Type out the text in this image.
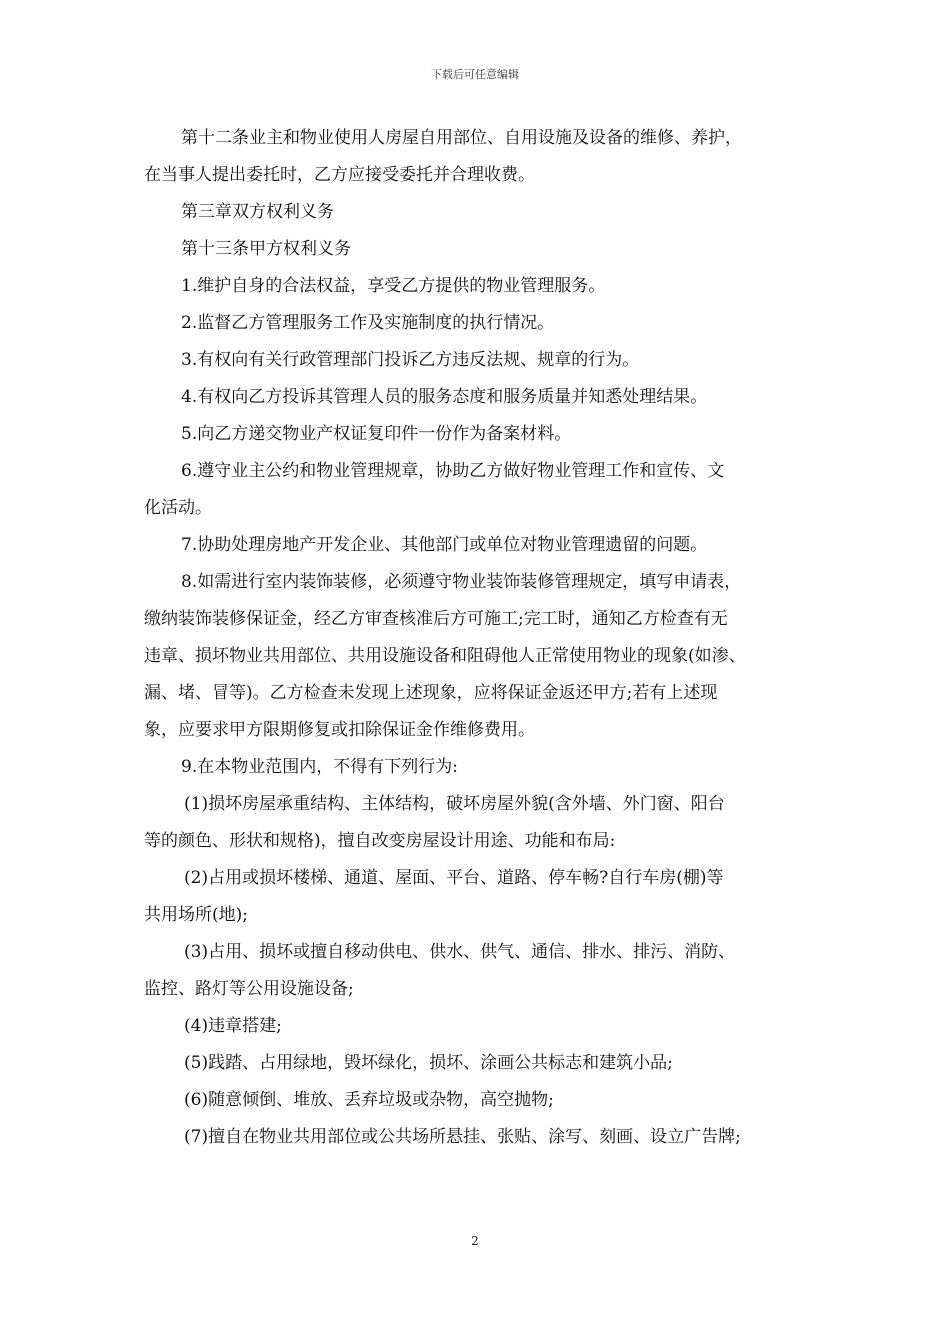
下载后可任意编辑
第十二条业主和物业使用人房屋自用部位、自用设施及设备的维修、养护，
在当事人提出委托时，乙方应接受委托并合理收费。
第三章双方权利义务
第十三条甲方权利义务
1.维护自身的合法权益，享受乙方提供的物业管理服务。
2.监督乙方管理服务工作及实施制度的执行情况。
3.有权向有关行政管理部门投诉乙方违反法规、规章的行为。
4.有权向乙方投诉其管理人员的服务态度和服务质量并知悉处理结果。
5.向乙方递交物业产权证复印件一份作为备案材料。
6.遵守业主公约和物业管理规章，协助乙方做好物业管理工作和宣传、文
化活动。
7.协助处理房地产开发企业、其他部门或单位对物业管理遗留的问题。
8.如需进行室内装饰装修，必须遵守物业装饰装修管理规定，填写申请表，
缴纳装饰装修保证金，经乙方审查核准后方可施工;完工时，通知乙方检查有无
违章、损坏物业共用部位、共用设施设备和阻碍他人正常使用物业的现象(如渗、
漏、堵、冒等)。乙方检查未发现上述现象，应将保证金返还甲方;若有上述现
象，应要求甲方限期修复或扣除保证金作维修费用。
9.在本物业范围内，不得有下列行为:
(1)损坏房屋承重结构、主体结构，破坏房屋外貌(含外墙、外门窗、阳台
等的颜色、形状和规格)，擅自改变房屋设计用途、功能和布局:
(2)占用或损坏楼梯、通道、屋面、平台、道路、停车畅?自行车房(棚)等
共用场所(地);
(3)占用、损坏或擅自移动供电、供水、供气、通信、排水、排污、消防、
监控、路灯等公用设施设备;
(4)违章搭建;
(5)践踏、占用绿地，毁坏绿化，损坏、涂画公共标志和建筑小品;
(6)随意倾倒、堆放、丢弃垃圾或杂物，高空抛物;
(7)擅自在物业共用部位或公共场所悬挂、张贴、涂写、刻画、设立广告牌;
2
